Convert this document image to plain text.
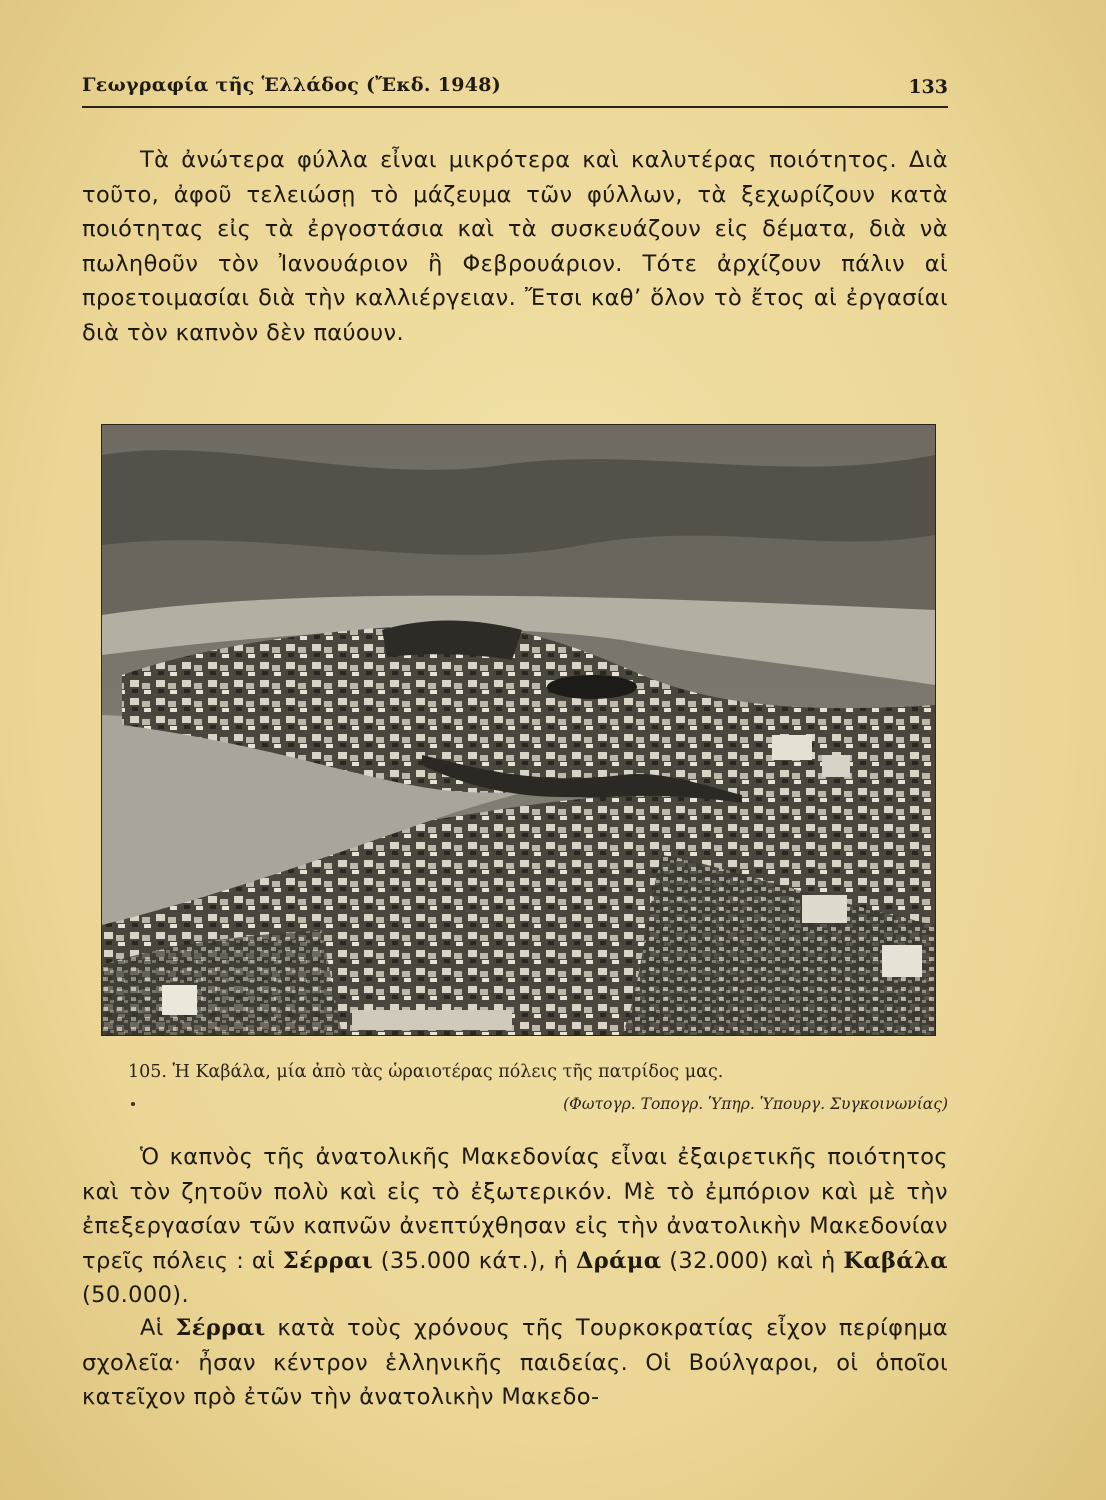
Γεωγραφία τῆς Ἑλλάδος (Ἔκδ. 1948)	133

Τὰ ἀνώτερα φύλλα εἶναι μικρότερα καὶ καλυτέρας ποιότητος. Διὰ τοῦτο, ἀφοῦ τελειώσῃ τὸ μάζευμα τῶν φύλλων, τὰ ξεχωρίζουν κατὰ ποιότητας εἰς τὰ ἐργοστάσια καὶ τὰ συσκευάζουν εἰς δέματα, διὰ νὰ πωληθοῦν τὸν Ἰανουάριον ἢ Φεβρουάριον. Τότε ἀρχίζουν πάλιν αἱ προετοιμασίαι διὰ τὴν καλλιέργειαν. Ἔτσι καθ’ ὅλον τὸ ἔτος αἱ ἐργασίαι διὰ τὸν καπνὸν δὲν παύουν.

105. Ἡ Καβάλα, μία ἀπὸ τὰς ὡραιοτέρας πόλεις τῆς πατρίδος μας.
(Φωτογρ. Τοπογρ. Ὑπηρ. Ὑπουργ. Συγκοινωνίας)

Ὁ καπνὸς τῆς ἀνατολικῆς Μακεδονίας εἶναι ἐξαιρετικῆς ποιότητος καὶ τὸν ζητοῦν πολὺ καὶ εἰς τὸ ἐξωτερικόν. Μὲ τὸ ἐμπόριον καὶ μὲ τὴν ἐπεξεργασίαν τῶν καπνῶν ἀνεπτύχθησαν εἰς τὴν ἀνατολικὴν Μακεδονίαν τρεῖς πόλεις : αἱ Σέρραι (35.000 κάτ.), ἡ Δράμα (32.000) καὶ ἡ Καβάλα (50.000).

Αἱ Σέρραι κατὰ τοὺς χρόνους τῆς Τουρκοκρατίας εἶχον περίφημα σχολεῖα· ἦσαν κέντρον ἑλληνικῆς παιδείας. Οἱ Βούλγαροι, οἱ ὁποῖοι κατεῖχον πρὸ ἐτῶν τὴν ἀνατολικὴν Μακεδο-
